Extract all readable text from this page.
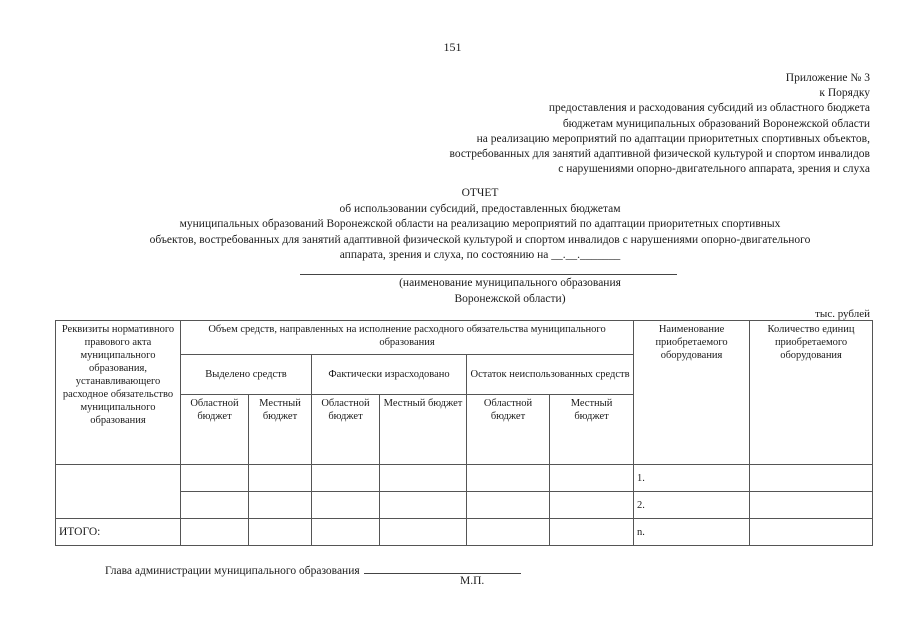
151
Приложение № 3
к Порядку
предоставления и расходования субсидий из областного бюджета
бюджетам муниципальных образований Воронежской области
на реализацию мероприятий по адаптации приоритетных спортивных объектов,
востребованных для занятий адаптивной физической культурой и спортом инвалидов
с нарушениями опорно-двигательного аппарата, зрения и слуха
ОТЧЕТ
об использовании субсидий, предоставленных бюджетам
муниципальных образований Воронежской области на реализацию мероприятий по адаптации приоритетных спортивных
объектов, востребованных для занятий адаптивной физической культурой и спортом инвалидов с нарушениями опорно-двигательного
аппарата, зрения и слуха, по состоянию на __.__._______
(наименование муниципального образования
Воронежской области)
тыс. рублей
Реквизиты нормативного правового акта муниципального образования, устанавливающего расходное обязательство муниципального образования	Объем средств, направленных на исполнение расходного обязательства муниципального образования						Наименование приобретаемого оборудования	Количество единиц приобретаемого оборудования
	Выделено средств		Фактически израсходовано		Остаток неиспользованных средств			
	Областной бюджет	Местный бюджет	Областной бюджет	Местный бюджет	Областной бюджет	Местный бюджет		
							1.	
							2.	
ИТОГО:							n.	
Глава администрации муниципального образования
М.П.
